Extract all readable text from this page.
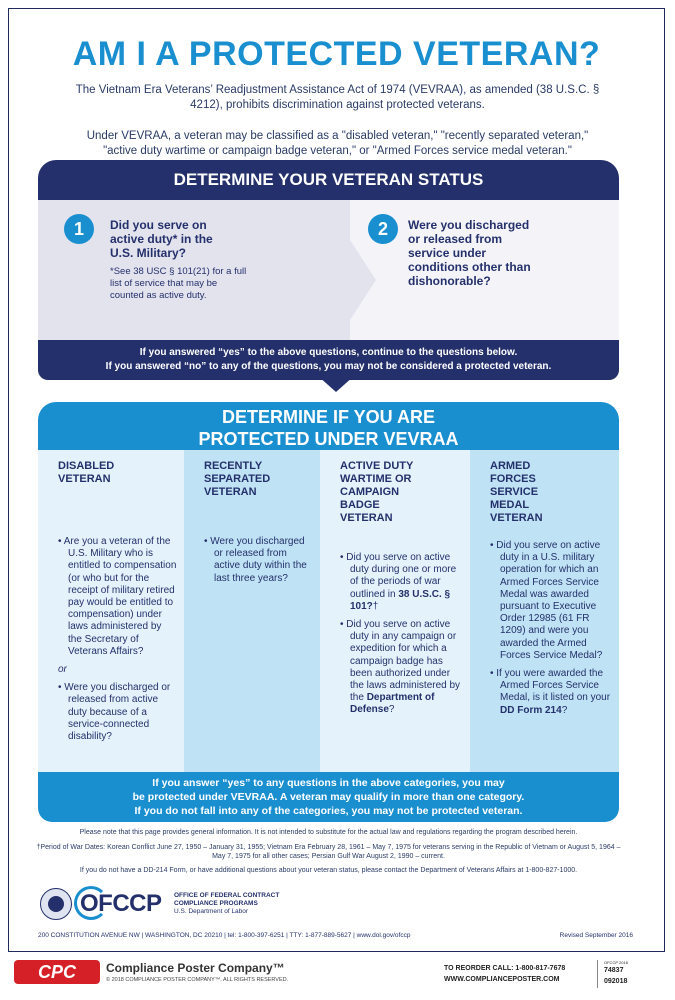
AM I A PROTECTED VETERAN?
The Vietnam Era Veterans’ Readjustment Assistance Act of 1974 (VEVRAA), as amended (38 U.S.C. § 4212), prohibits discrimination against protected veterans.
Under VEVRAA, a veteran may be classified as a "disabled veteran," "recently separated veteran," "active duty wartime or campaign badge veteran," or "Armed Forces service medal veteran."
DETERMINE YOUR VETERAN STATUS
1	Did you serve on active duty* in the U.S. Military?
*See 38 USC § 101(21) for a full list of service that may be counted as active duty.
2	Were you discharged or released from service under conditions other than dishonorable?
If you answered “yes” to the above questions, continue to the questions below.
If you answered “no” to any of the questions, you may not be considered a protected veteran.
DETERMINE IF YOU ARE
PROTECTED UNDER VEVRAA
DISABLED VETERAN
• Are you a veteran of the U.S. Military who is entitled to compensation (or who but for the receipt of military retired pay would be entitled to compensation) under laws administered by the Secretary of Veterans Affairs?
or
• Were you discharged or released from active duty because of a service-connected disability?
RECENTLY SEPARATED VETERAN
• Were you discharged or released from active duty within the last three years?
ACTIVE DUTY WARTIME OR CAMPAIGN BADGE VETERAN
• Did you serve on active duty during one or more of the periods of war outlined in 38 U.S.C. § 101?†
• Did you serve on active duty in any campaign or expedition for which a campaign badge has been authorized under the laws administered by the Department of Defense?
ARMED FORCES SERVICE MEDAL VETERAN
• Did you serve on active duty in a U.S. military operation for which an Armed Forces Service Medal was awarded pursuant to Executive Order 12985 (61 FR 1209) and were you awarded the Armed Forces Service Medal?
• If you were awarded the Armed Forces Service Medal, is it listed on your DD Form 214?
If you answer “yes” to any questions in the above categories, you may
be protected under VEVRAA. A veteran may qualify in more than one category.
If you do not fall into any of the categories, you may not be protected veteran.
Please note that this page provides general information. It is not intended to substitute for the actual law and regulations regarding the program described herein.
†Period of War Dates: Korean Conflict June 27, 1950 – January 31, 1955; Vietnam Era February 28, 1961 – May 7, 1975 for veterans serving in the Republic of Vietnam or August 5, 1964 – May 7, 1975 for all other cases; Persian Gulf War August 2, 1990 – current.
If you do not have a DD-214 Form, or have additional questions about your veteran status, please contact the Department of Veterans Affairs at 1-800-827-1000.
OFCCP OFFICE OF FEDERAL CONTRACT
COMPLIANCE PROGRAMS
U.S. Department of Labor
200 CONSTITUTION AVENUE NW | WASHINGTON, DC 20210 | tel: 1-800-397-6251 | TTY: 1-877-889-5627 | www.dol.gov/ofccp	Revised September 2016
CPC	Compliance Poster Company™
© 2018 COMPLIANCE POSTER COMPANY™. ALL RIGHTS RESERVED.
TO REORDER CALL: 1-800-817-7678
WWW.COMPLIANCEPOSTER.COM
OFCCP 2016
74837
092018
